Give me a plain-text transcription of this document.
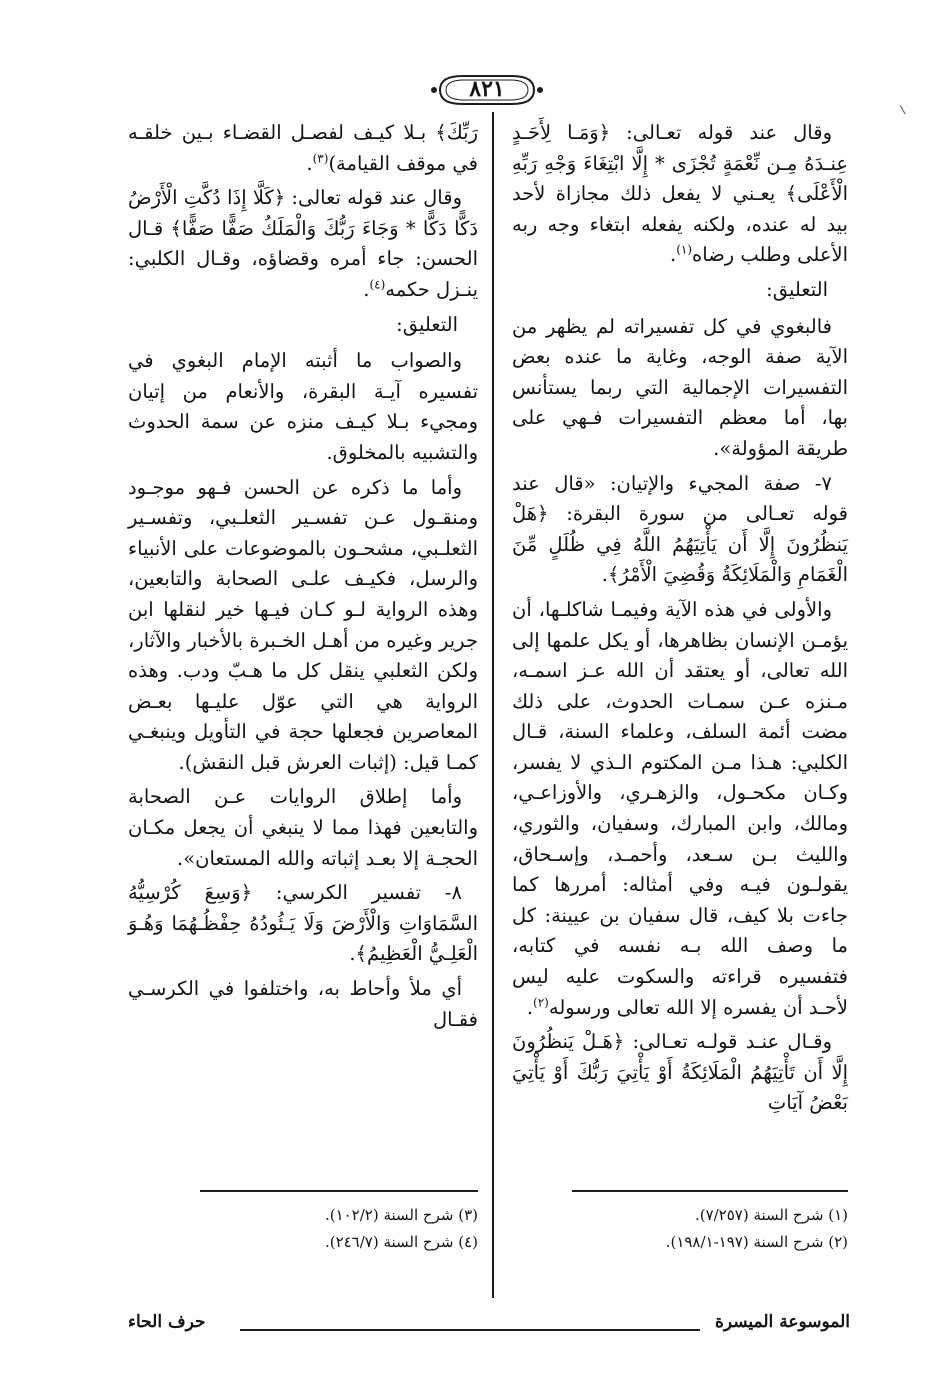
٨٢١

وقال عند قوله تعـالى: ﴿وَمَـا لِأَحَـدٍ عِنـدَهُ مِـن نِّعْمَةٍ تُجْزَى * إِلَّا ابْتِغَاءَ وَجْهِ رَبِّهِ الْأَعْلَى﴾ يعـني لا يفعل ذلك مجازاة لأحد بيد له عنده، ولكنه يفعله ابتغاء وجه ربه الأعلى وطلب رضاه$^{(١)}$.

التعليق:

فالبغوي في كل تفسيراته لم يظهر من الآية صفة الوجه، وغاية ما عنده بعض التفسيرات الإجمالية التي ربما يستأنس بها، أما معظم التفسيرات فـهي على طريقة المؤولة».

٧- صفة المجيء والإتيان: «قال عند قوله تعـالى من سورة البقرة: ﴿هَلْ يَنظُرُونَ إِلَّا أَن يَأْتِيَهُمُ اللَّهُ فِي ظُلَلٍ مِّنَ الْغَمَامِ وَالْمَلَائِكَةُ وَقُضِيَ الْأَمْرُ﴾.

والأولى في هذه الآية وفيمـا شاكلـها، أن يؤمـن الإنسان بظاهرها، أو يكل علمها إلى الله تعالى، أو يعتقد أن الله عـز اسمـه، مـنزه عـن سمـات الحدوث، على ذلك مضت أئمة السلف، وعلماء السنة، قـال الكلبي: هـذا مـن المكتوم الـذي لا يفسر، وكـان مكحـول، والزهـري، والأوزاعـي، ومالك، وابن المبارك، وسفيان، والثوري، والليث بـن سـعد، وأحمـد، وإسـحاق، يقولـون فيـه وفي أمثاله: أمررها كما جاءت بلا كيف، قال سفيان بن عيينة: كل ما وصف الله بـه نفسه في كتابه، فتفسيره قراءته والسكوت عليه ليس لأحـد أن يفسره إلا الله تعالى ورسوله$^{(٢)}$.

وقـال عنـد قولـه تعـالى: ﴿هَـلْ يَنظُرُونَ إِلَّا أَن تَأْتِيَهُمُ الْمَلَائِكَةُ أَوْ يَأْتِيَ رَبُّكَ أَوْ يَأْتِيَ بَعْضُ آيَاتِ

رَبِّكَ﴾ بـلا كيـف لفصـل القضـاء بـين خلقـه في موقف القيامة)$^{(٣)}$.

وقال عند قوله تعالى: ﴿كَلَّا إِذَا دُكَّتِ الْأَرْضُ دَكًّا دَكًّا * وَجَاءَ رَبُّكَ وَالْمَلَكُ صَفًّا صَفًّا﴾ قـال الحسن: جاء أمره وقضاؤه، وقـال الكلبي: ينـزل حكمه$^{(٤)}$.

التعليق:

والصواب ما أثبته الإمام البغوي في تفسيره آيـة البقرة، والأنعام من إتيان ومجيء بـلا كيـف منزه عن سمة الحدوث والتشبيه بالمخلوق.

وأما ما ذكره عن الحسن فـهو موجـود ومنقـول عـن تفسـير الثعلـبي، وتفسـير الثعلـبي، مشحـون بالموضوعات على الأنبياء والرسل، فكيـف علـى الصحابة والتابعين، وهذه الرواية لـو كـان فيـها خير لنقلها ابن جرير وغيره من أهـل الخـبرة بالأخبار والآثار، ولكن الثعلبي ينقل كل ما هـبّ ودب. وهذه الرواية هي التي عوّل عليـها بعـض المعاصرين فجعلها حجة في التأويل وينبغـي كمـا قيل: (إثبات العرش قبل النقش).

وأما إطلاق الروايات عـن الصحابة والتابعين فهذا مما لا ينبغي أن يجعل مكـان الحجـة إلا بعـد إثباته والله المستعان».

٨- تفسير الكرسي: ﴿وَسِعَ كُرْسِيُّهُ السَّمَاوَاتِ وَالْأَرْضَ وَلَا يَـئُودُهُ حِفْظُـهُمَا وَهُـوَ الْعَلِـيُّ الْعَظِيمُ﴾.

أي ملأ وأحاط به، واختلفوا في الكرسـي فقـال

(١) شرح السنة (٧/٢٥٧).
(٢) شرح السنة (١٩٧-١٩٨/١).
(٣) شرح السنة (١٠٢/٢).
(٤) شرح السنة (٢٤٦/٧).
الموسوعة الميسرة
حرف الحاء
